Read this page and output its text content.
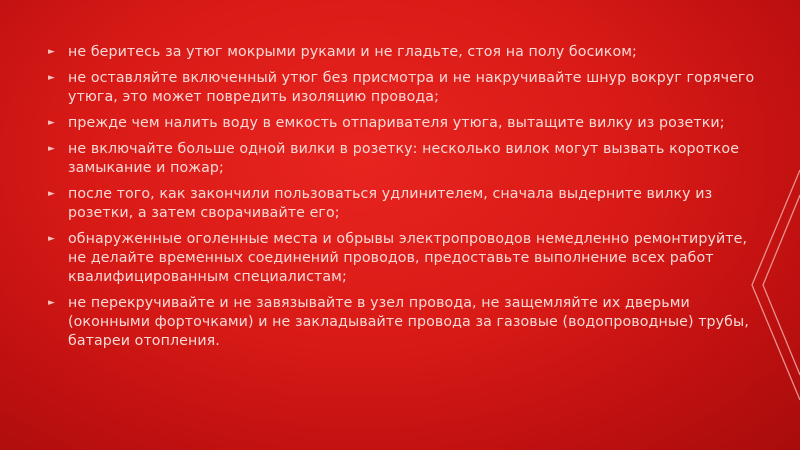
► не беритесь за утюг мокрыми руками и не гладьте, стоя на полу босиком;
► не оставляйте включенный утюг без присмотра и не накручивайте шнур вокруг горячего утюга, это может повредить изоляцию провода;
► прежде чем налить воду в емкость отпаривателя утюга, вытащите вилку из розетки;
► не включайте больше одной вилки в розетку: несколько вилок могут вызвать короткое замыкание и пожар;
► после того, как закончили пользоваться удлинителем, сначала выдерните вилку из розетки, а затем сворачивайте его;
► обнаруженные оголенные места и обрывы электропроводов немедленно ремонтируйте, не делайте временных соединений проводов, предоставьте выполнение всех работ квалифицированным специалистам;
► не перекручивайте и не завязывайте в узел провода, не защемляйте их дверьми (оконными форточками) и не закладывайте провода за газовые (водопроводные) трубы, батареи отопления.
